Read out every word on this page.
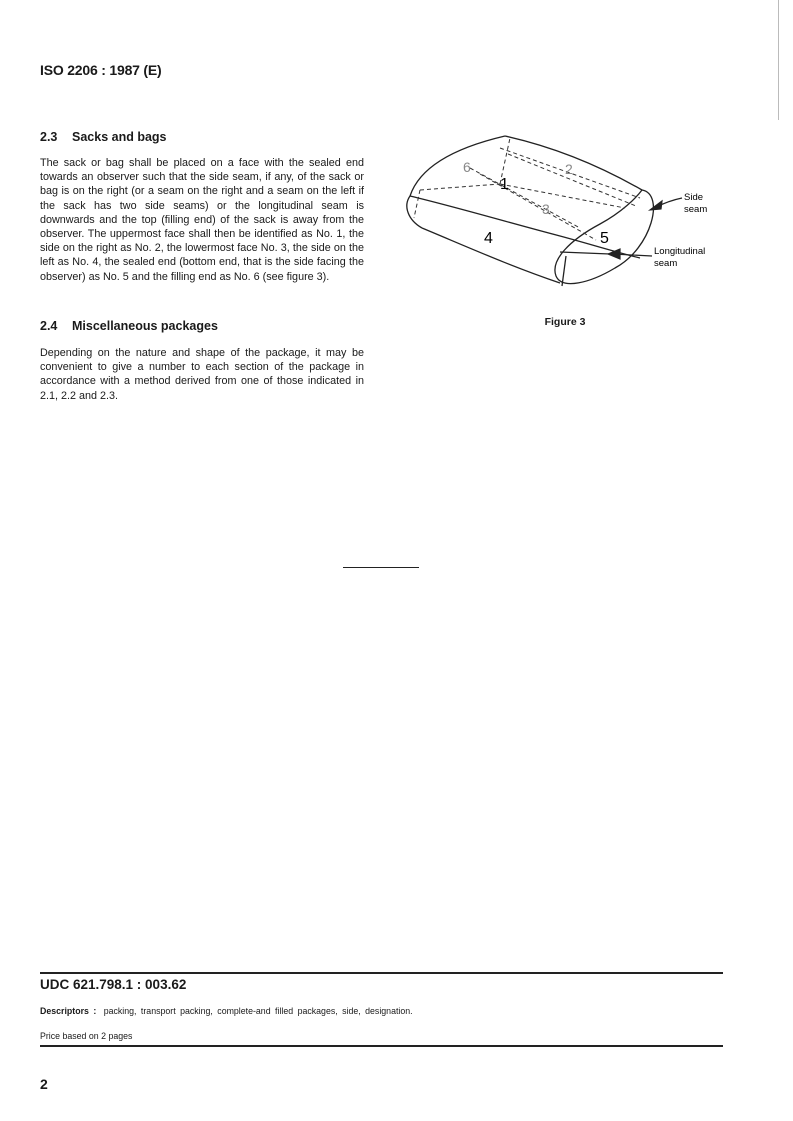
ISO 2206 : 1987 (E)
2.3 Sacks and bags
The sack or bag shall be placed on a face with the sealed end towards an observer such that the side seam, if any, of the sack or bag is on the right (or a seam on the right and a seam on the left if the sack has two side seams) or the longitudinal seam is downwards and the top (filling end) of the sack is away from the observer. The uppermost face shall then be identified as No. 1, the side on the right as No. 2, the lowermost face No. 3, the side on the left as No. 4, the sealed end (bottom end, that is the side facing the observer) as No. 5 and the filling end as No. 6 (see figure 3).
2.4 Miscellaneous packages
Depending on the nature and shape of the package, it may be convenient to give a number to each section of the package in accordance with a method derived from one of those indicated in 2.1, 2.2 and 2.3.
1
2
3
4	5
6
Side
seam
Longitudinal
seam
Figure 3
UDC 621.798.1 : 003.62
Descriptors : packing, transport packing, complete-and filled packages, side, designation.
Price based on 2 pages
2
